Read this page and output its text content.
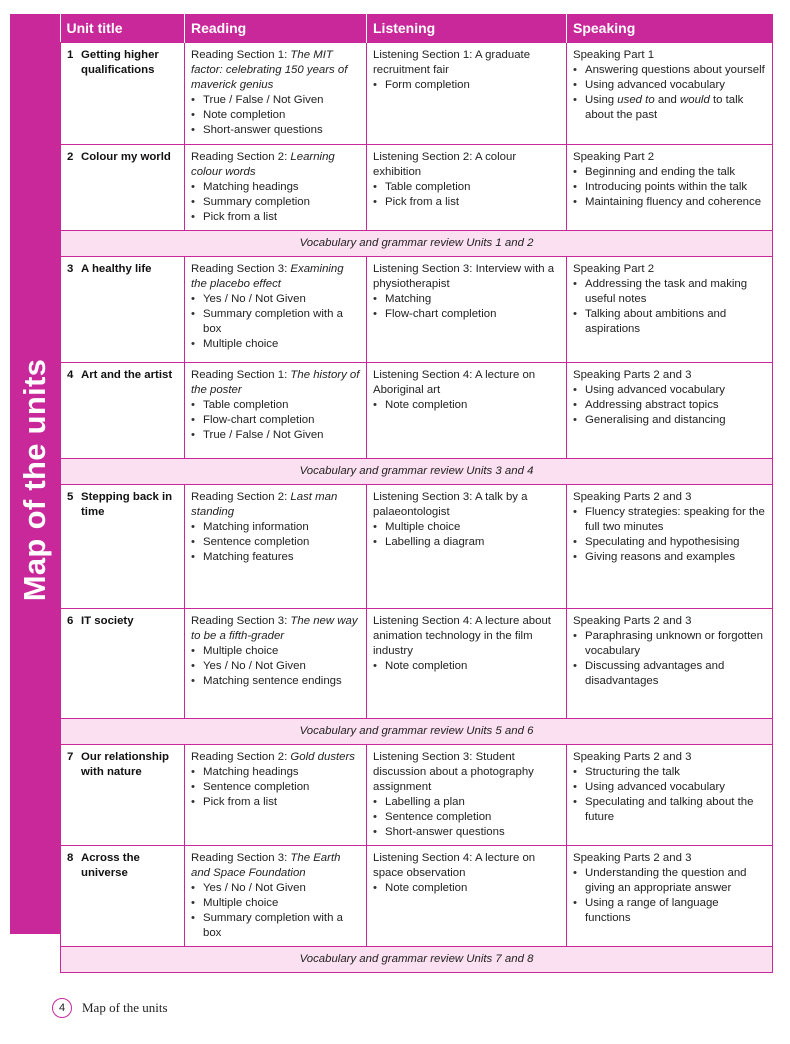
Map of the units
Unit title	Reading	Listening	Speaking
1 Getting higher qualifications	Reading Section 1: The MIT factor: celebrating 150 years of maverick genius
• True / False / Not Given
• Note completion
• Short-answer questions	Listening Section 1: A graduate recruitment fair
• Form completion	Speaking Part 1
• Answering questions about yourself
• Using advanced vocabulary
• Using used to and would to talk about the past

2 Colour my world	Reading Section 2: Learning colour words
• Matching headings
• Summary completion
• Pick from a list	Listening Section 2: A colour exhibition
• Table completion
• Pick from a list	Speaking Part 2
• Beginning and ending the talk
• Introducing points within the talk
• Maintaining fluency and coherence

Vocabulary and grammar review Units 1 and 2			
3 A healthy life	Reading Section 3: Examining the placebo effect
• Yes / No / Not Given
• Summary completion with a box
• Multiple choice	Listening Section 3: Interview with a physiotherapist
• Matching
• Flow-chart completion	Speaking Part 2
• Addressing the task and making useful notes
• Talking about ambitions and aspirations

4 Art and the artist	Reading Section 1: The history of the poster
• Table completion
• Flow-chart completion
• True / False / Not Given	Listening Section 4: A lecture on Aboriginal art
• Note completion	Speaking Parts 2 and 3
• Using advanced vocabulary
• Addressing abstract topics
• Generalising and distancing

Vocabulary and grammar review Units 3 and 4			
5 Stepping back in time	Reading Section 2: Last man standing
• Matching information
• Sentence completion
• Matching features	Listening Section 3: A talk by a palaeontologist
• Multiple choice
• Labelling a diagram	Speaking Parts 2 and 3
• Fluency strategies: speaking for the full two minutes
• Speculating and hypothesising
• Giving reasons and examples

6 IT society	Reading Section 3: The new way to be a fifth-grader
• Multiple choice
• Yes / No / Not Given
• Matching sentence endings	Listening Section 4: A lecture about animation technology in the film industry
• Note completion	Speaking Parts 2 and 3
• Paraphrasing unknown or forgotten vocabulary
• Discussing advantages and disadvantages

Vocabulary and grammar review Units 5 and 6			
7 Our relationship with nature	Reading Section 2: Gold dusters
• Matching headings
• Sentence completion
• Pick from a list	Listening Section 3: Student discussion about a photography assignment
• Labelling a plan
• Sentence completion
• Short-answer questions	Speaking Parts 2 and 3
• Structuring the talk
• Using advanced vocabulary
• Speculating and talking about the future

8 Across the universe	Reading Section 3: The Earth and Space Foundation
• Yes / No / Not Given
• Multiple choice
• Summary completion with a box	Listening Section 4: A lecture on space observation
• Note completion	Speaking Parts 2 and 3
• Understanding the question and giving an appropriate answer
• Using a range of language functions

Vocabulary and grammar review Units 7 and 8			
4	Map of the units
